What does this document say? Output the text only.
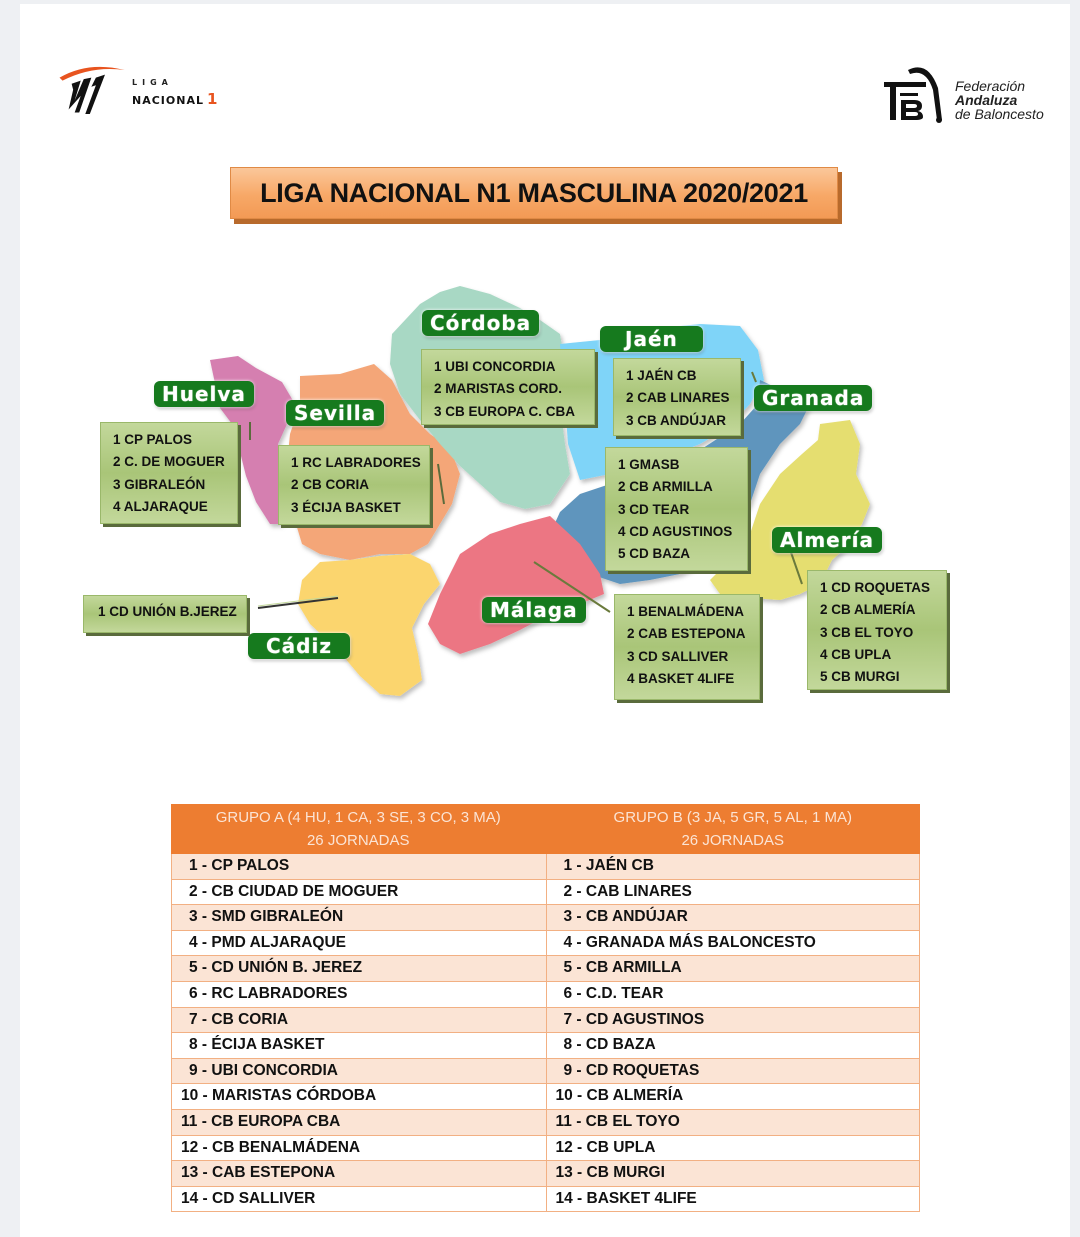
LIGA
NACIONAL 1
Federación
Andaluza
de Baloncesto
LIGA NACIONAL N1 MASCULINA 2020/2021
Huelva
Sevilla
Córdoba
Jaén
Granada
Almería
Málaga
Cádiz
1 CP PALOS
2 C. DE MOGUER
3 GIBRALEÓN
4 ALJARAQUE
1 RC LABRADORES
2 CB CORIA
3 ÉCIJA BASKET
1 UBI CONCORDIA
2 MARISTAS CORD.
3 CB EUROPA C. CBA
1 JAÉN CB
2 CAB LINARES
3 CB ANDÚJAR
1 GMASB
2 CB ARMILLA
3 CD TEAR
4 CD AGUSTINOS
5 CD BAZA
1 CD ROQUETAS
2 CB ALMERÍA
3 CB EL TOYO
4 CB UPLA
5 CB MURGI
1 BENALMÁDENA
2 CAB ESTEPONA
3 CD SALLIVER
4 BASKET 4LIFE
1 CD UNIÓN B.JEREZ
GRUPO A (4 HU, 1 CA, 3 SE, 3 CO, 3 MA)
26 JORNADAS
GRUPO B (3 JA, 5 GR, 5 AL, 1 MA)
26 JORNADAS
1 - CP PALOS	1 - JAÉN CB
2 - CB CIUDAD DE MOGUER	2 - CAB LINARES
3 - SMD GIBRALEÓN	3 - CB ANDÚJAR
4 - PMD ALJARAQUE	4 - GRANADA MÁS BALONCESTO
5 - CD UNIÓN B. JEREZ	5 - CB ARMILLA
6 - RC LABRADORES	6 - C.D. TEAR
7 - CB CORIA	7 - CD AGUSTINOS
8 - ÉCIJA BASKET	8 - CD BAZA
9 - UBI CONCORDIA	9 - CD ROQUETAS
10 - MARISTAS CÓRDOBA	10 - CB ALMERÍA
11 - CB EUROPA CBA	11 - CB EL TOYO
12 - CB BENALMÁDENA	12 - CB UPLA
13 - CAB ESTEPONA	13 - CB MURGI
14 - CD SALLIVER	14 - BASKET 4LIFE
